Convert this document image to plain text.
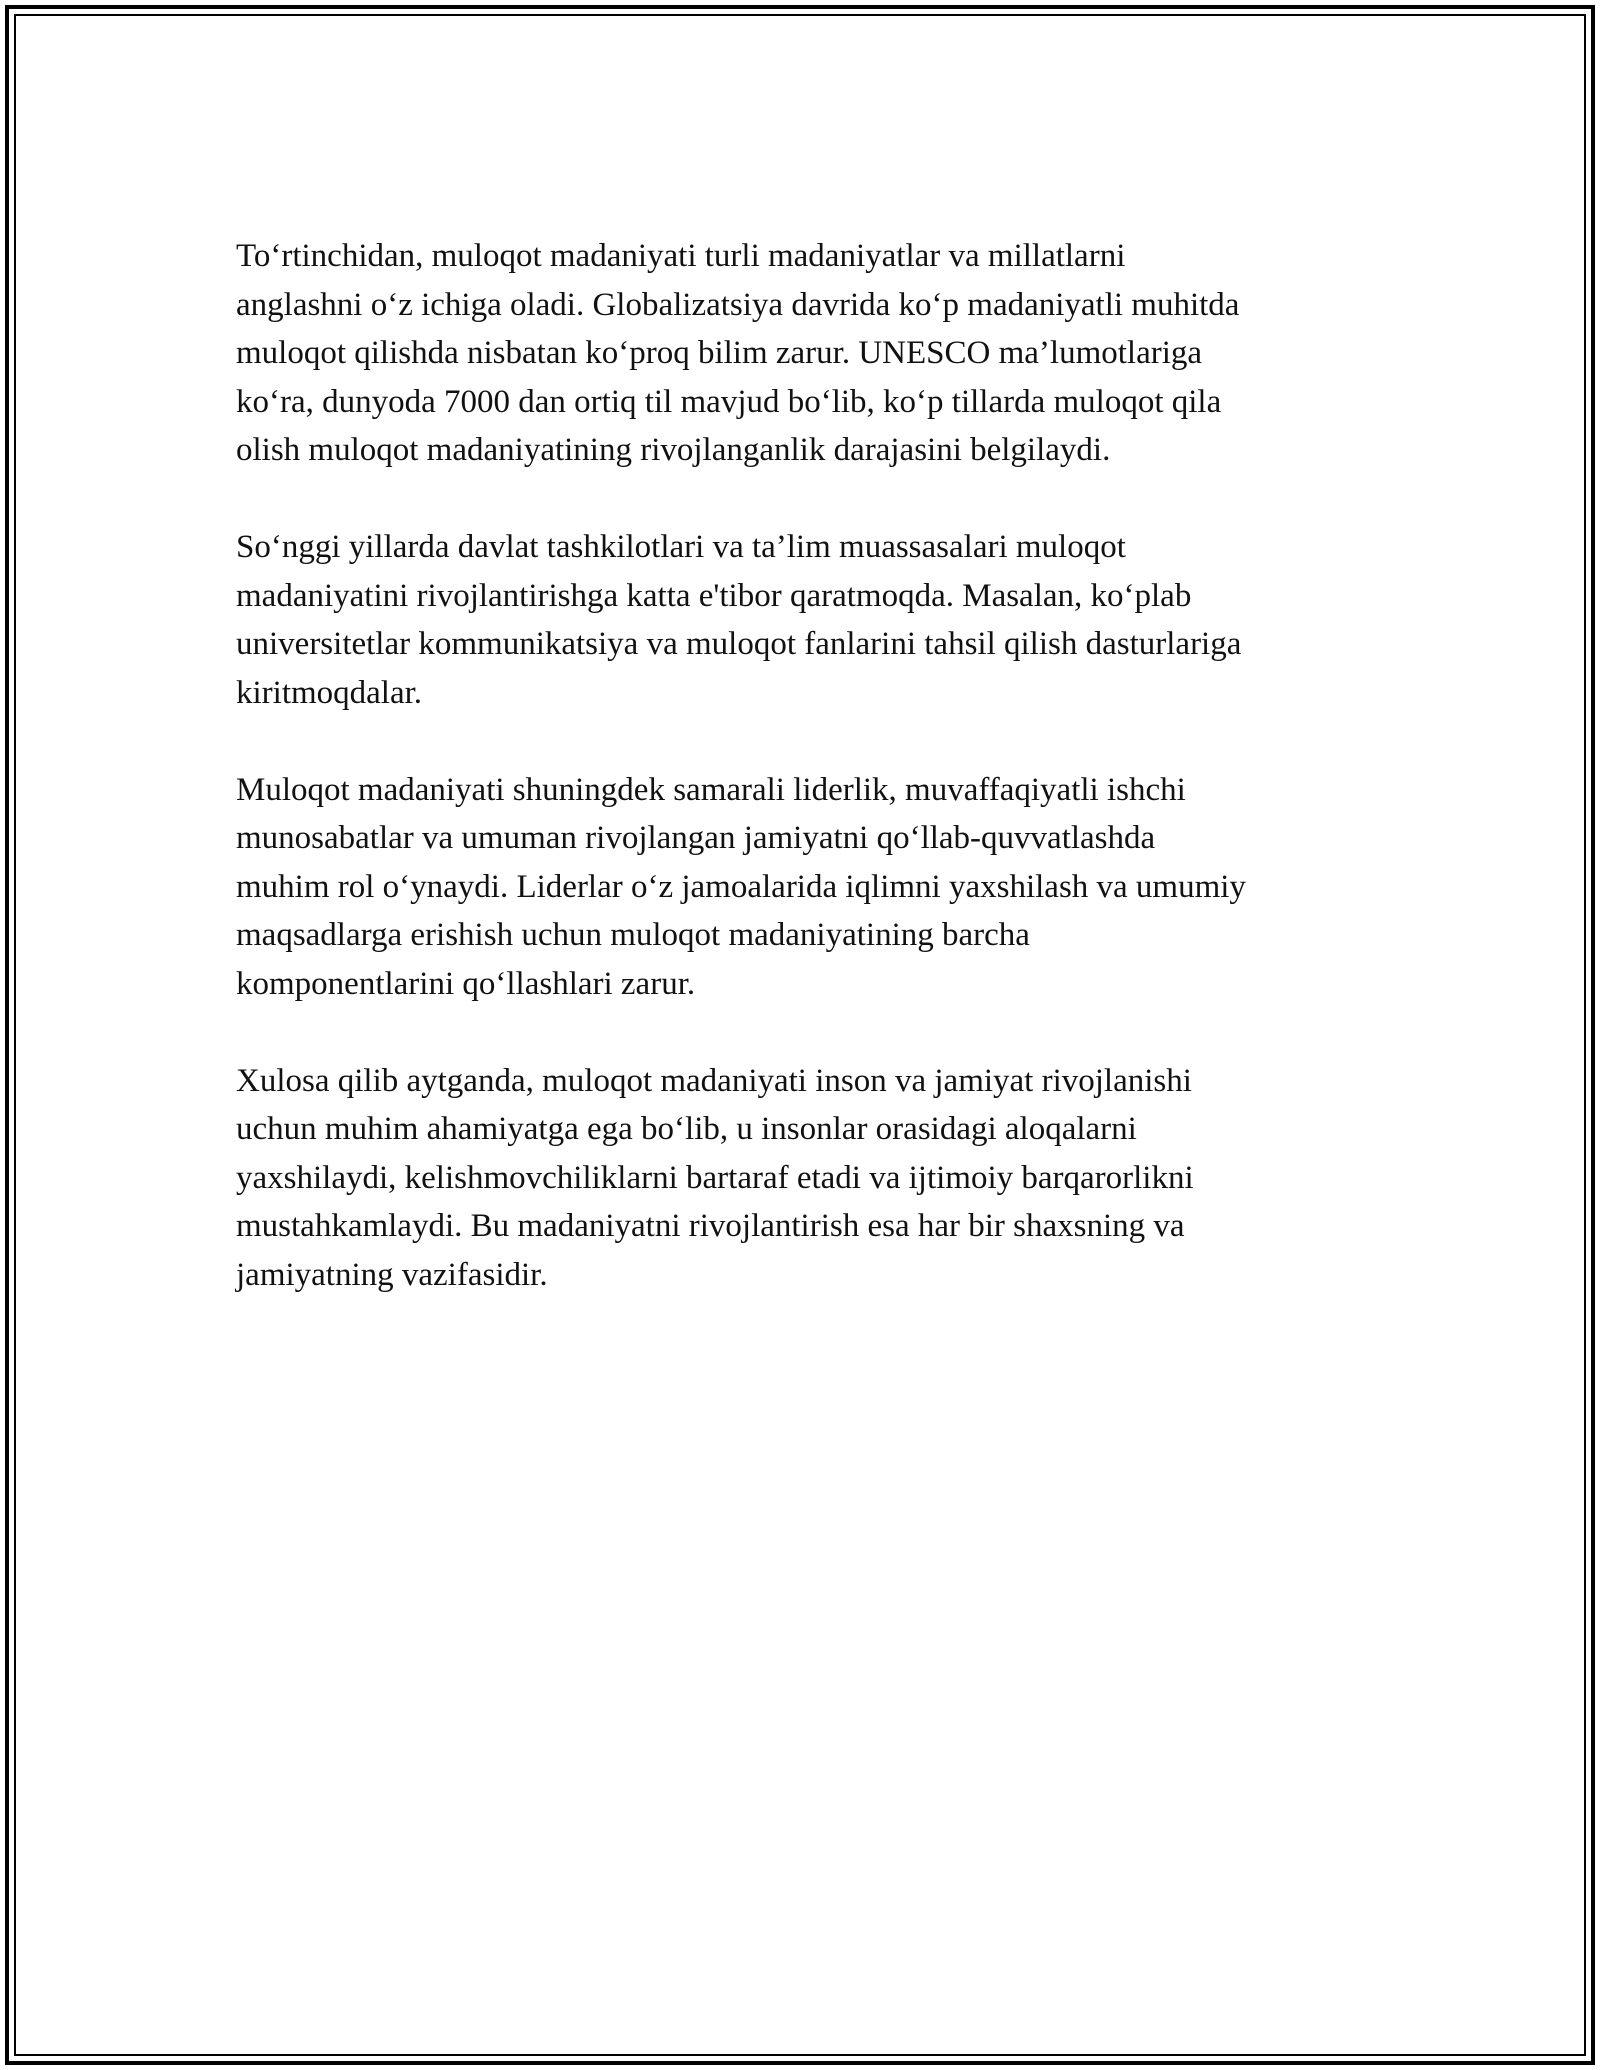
To‘rtinchidan, muloqot madaniyati turli madaniyatlar va millatlarni
anglashni o‘z ichiga oladi. Globalizatsiya davrida ko‘p madaniyatli muhitda
muloqot qilishda nisbatan ko‘proq bilim zarur. UNESCO ma’lumotlariga
ko‘ra, dunyoda 7000 dan ortiq til mavjud bo‘lib, ko‘p tillarda muloqot qila
olish muloqot madaniyatining rivojlanganlik darajasini belgilaydi.

So‘nggi yillarda davlat tashkilotlari va ta’lim muassasalari muloqot
madaniyatini rivojlantirishga katta e'tibor qaratmoqda. Masalan, ko‘plab
universitetlar kommunikatsiya va muloqot fanlarini tahsil qilish dasturlariga
kiritmoqdalar.

Muloqot madaniyati shuningdek samarali liderlik, muvaffaqiyatli ishchi
munosabatlar va umuman rivojlangan jamiyatni qo‘llab-quvvatlashda
muhim rol o‘ynaydi. Liderlar o‘z jamoalarida iqlimni yaxshilash va umumiy
maqsadlarga erishish uchun muloqot madaniyatining barcha
komponentlarini qo‘llashlari zarur.

Xulosa qilib aytganda, muloqot madaniyati inson va jamiyat rivojlanishi
uchun muhim ahamiyatga ega bo‘lib, u insonlar orasidagi aloqalarni
yaxshilaydi, kelishmovchiliklarni bartaraf etadi va ijtimoiy barqarorlikni
mustahkamlaydi. Bu madaniyatni rivojlantirish esa har bir shaxsning va
jamiyatning vazifasidir.
